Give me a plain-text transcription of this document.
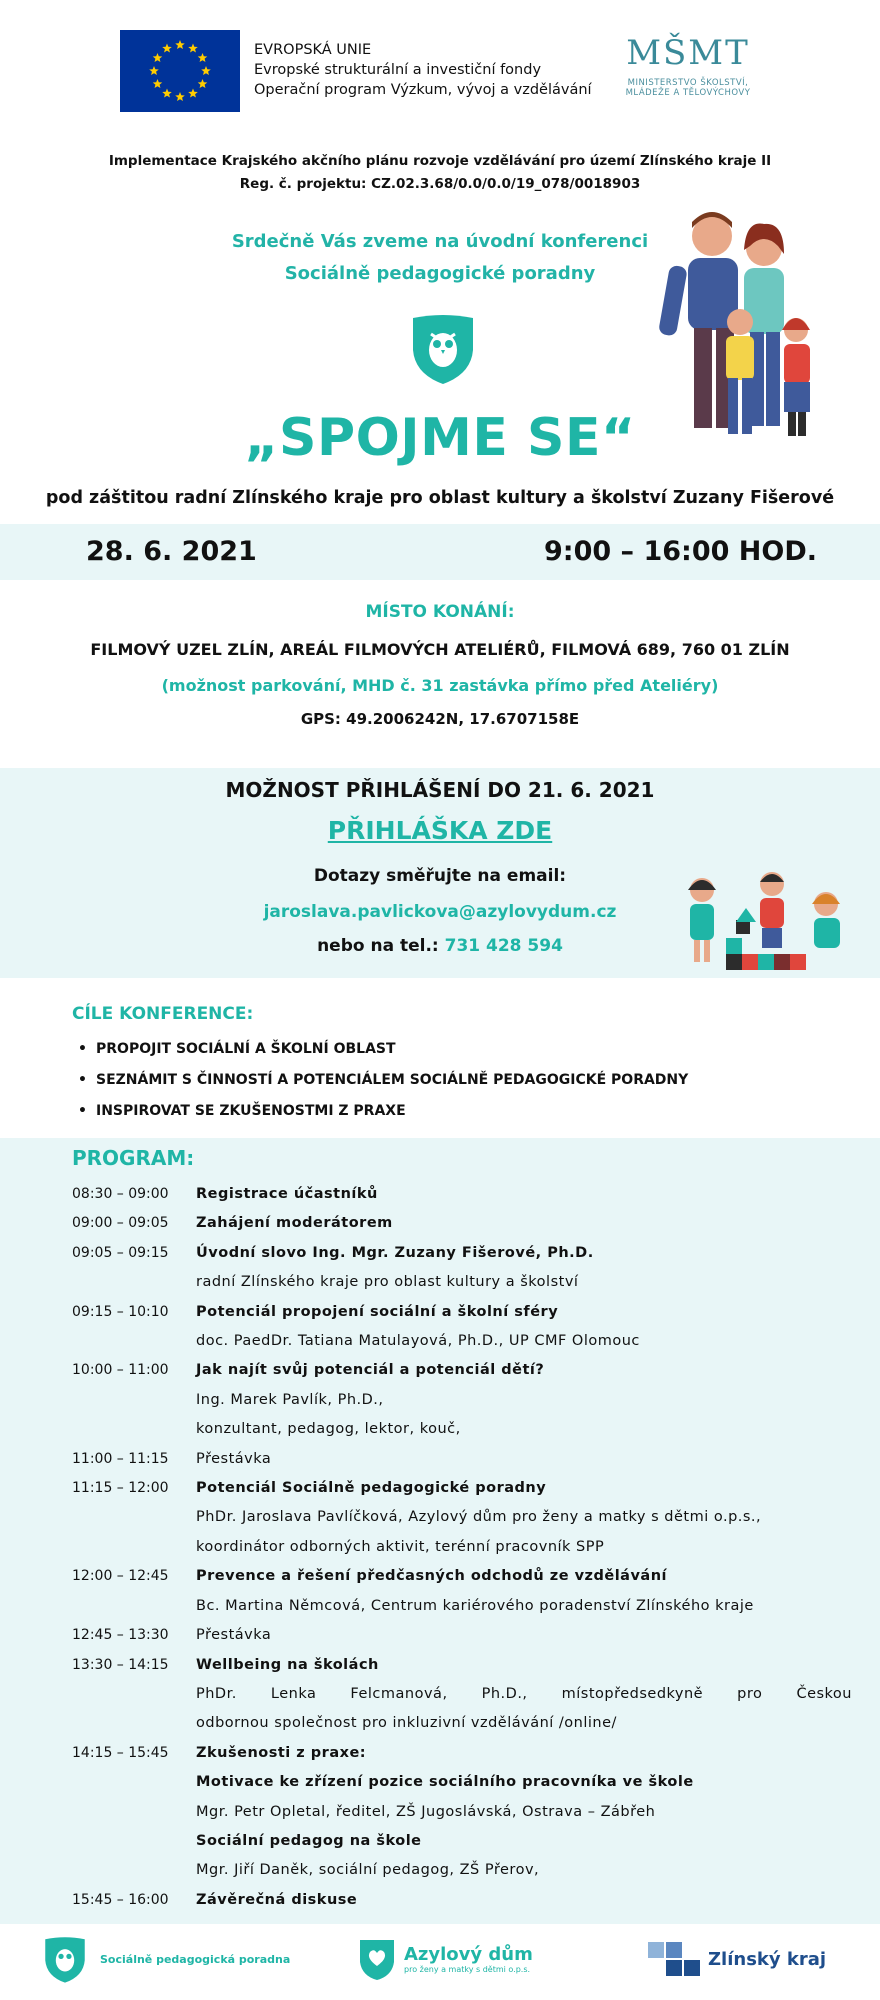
EVROPSKÁ UNIE
Evropské strukturální a investiční fondy
Operační program Výzkum, vývoj a vzdělávání
MŠMT
MINISTERSTVO ŠKOLSTVÍ,
MLÁDEŽE A TĚLOVÝCHOVY
Implementace Krajského akčního plánu rozvoje vzdělávání pro území Zlínského kraje II
Reg. č. projektu: CZ.02.3.68/0.0/0.0/19_078/0018903
Srdečně Vás zveme na úvodní konferenci
Sociálně pedagogické poradny
„SPOJME SE“
pod záštitou radní Zlínského kraje pro oblast kultury a školství Zuzany Fišerové
28. 6. 2021	9:00 – 16:00 HOD.
MÍSTO KONÁNÍ:
FILMOVÝ UZEL ZLÍN, AREÁL FILMOVÝCH ATELIÉRŮ, FILMOVÁ 689, 760 01 ZLÍN
(možnost parkování, MHD č. 31 zastávka přímo před Ateliéry)
GPS: 49.2006242N, 17.6707158E
MOŽNOST PŘIHLÁŠENÍ DO 21. 6. 2021
PŘIHLÁŠKA ZDE
Dotazy směřujte na email:
jaroslava.pavlickova@azylovydum.cz
nebo na tel.: 731 428 594
CÍLE KONFERENCE:
• PROPOJIT SOCIÁLNÍ A ŠKOLNÍ OBLAST
• SEZNÁMIT S ČINNOSTÍ A POTENCIÁLEM SOCIÁLNĚ PEDAGOGICKÉ PORADNY
• INSPIROVAT SE ZKUŠENOSTMI Z PRAXE
PROGRAM:
08:30 – 09:00	Registrace účastníků
09:00 – 09:05	Zahájení moderátorem
09:05 – 09:15	Úvodní slovo Ing. Mgr. Zuzany Fišerové, Ph.D.
radní Zlínského kraje pro oblast kultury a školství
09:15 – 10:10	Potenciál propojení sociální a školní sféry
doc. PaedDr. Tatiana Matulayová, Ph.D., UP CMF Olomouc
10:00 – 11:00	Jak najít svůj potenciál a potenciál dětí?
Ing. Marek Pavlík, Ph.D.,
konzultant, pedagog, lektor, kouč,
11:00 – 11:15	Přestávka
11:15 – 12:00	Potenciál Sociálně pedagogické poradny
PhDr. Jaroslava Pavlíčková, Azylový dům pro ženy a matky s dětmi o.p.s.,
koordinátor odborných aktivit, terénní pracovník SPP
12:00 – 12:45	Prevence a řešení předčasných odchodů ze vzdělávání
Bc. Martina Němcová, Centrum kariérového poradenství Zlínského kraje
12:45 – 13:30	Přestávka
13:30 – 14:15	Wellbeing na školách
PhDr. Lenka Felcmanová, Ph.D., místopředsedkyně pro Českou
odbornou společnost pro inkluzivní vzdělávání /online/
14:15 – 15:45	Zkušenosti z praxe:
Motivace ke zřízení pozice sociálního pracovníka ve škole
Mgr. Petr Opletal, ředitel, ZŠ Jugoslávská, Ostrava – Zábřeh
Sociální pedagog na škole
Mgr. Jiří Daněk, sociální pedagog, ZŠ Přerov,
15:45 – 16:00	Závěrečná diskuse
Sociálně pedagogická poradna	Azylový dům
pro ženy a matky s dětmi o.p.s.	Zlínský kraj
